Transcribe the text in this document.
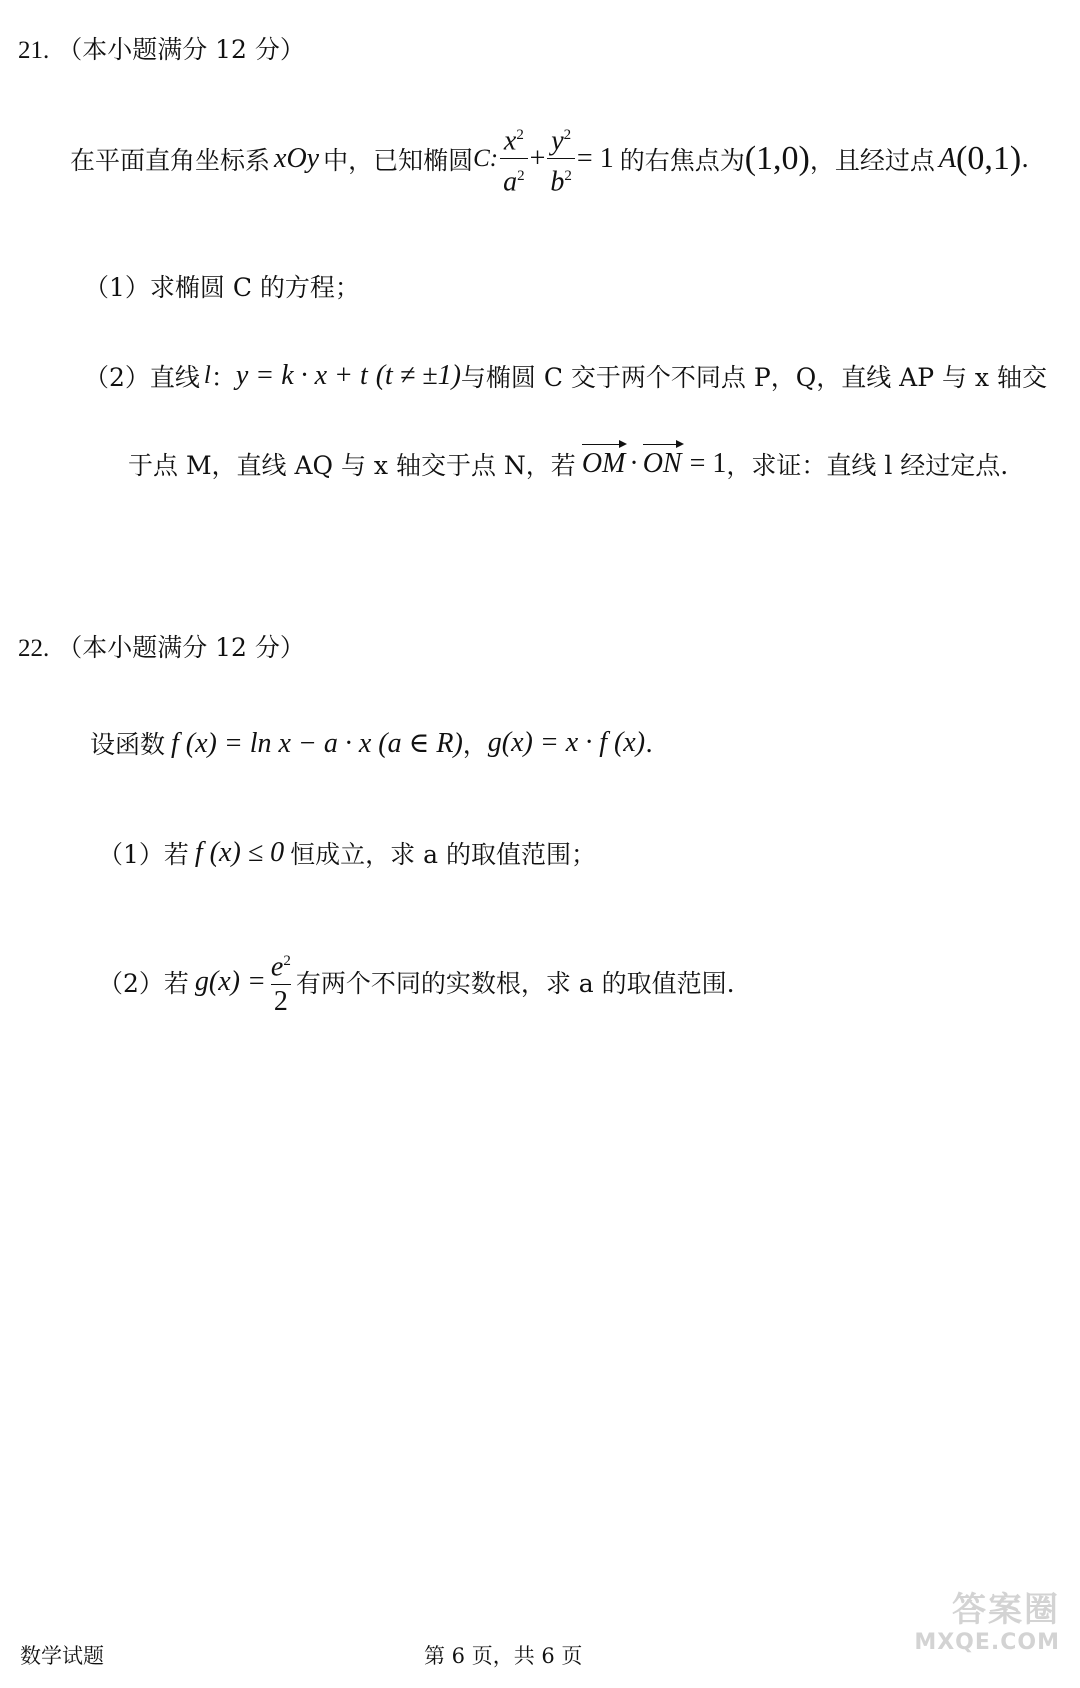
21. （本小题满分 12 分）
在平面直角坐标系 xOy 中，已知椭圆 C: $\frac{x^2}{a^2} + \frac{y^2}{b^2} = 1$ 的右焦点为 (1,0) ，且经过点 A (0,1) .
（1）求椭圆 C 的方程；
（2）直线 l ： y = k · x + t (t ≠ ±1) 与椭圆 C 交于两个不同点 P，Q，直线 AP 与 x 轴交
于点 M，直线 AQ 与 x 轴交于点 N，若 OM · ON = 1 ，求证：直线 l 经过定点.
22. （本小题满分 12 分）
设函数 f (x) = ln x − a · x (a ∈ R) ， g(x) = x · f (x) .
（1）若 f (x) ≤ 0 恒成立，求 a 的取值范围；
（2）若 $g(x) = \frac{e^2}{2}$ 有两个不同的实数根，求 a 的取值范围.
数学试题	第 6 页，共 6 页
答案圈
MXQE.COM
